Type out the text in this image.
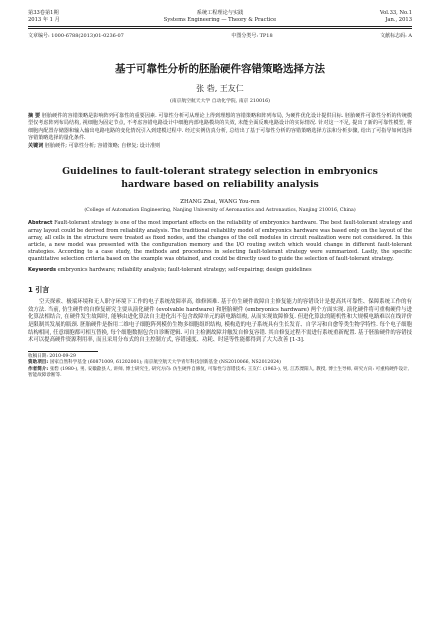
第33卷第1期
2013 年 1 月
系统工程理论与实践
Systems Engineering — Theory & Practice
Vol.33, No.1
Jan., 2013
文章编号: 1000-6788(2013)01-0236-07	中图分类号: TP18	文献标志码: A
基于可靠性分析的胚胎硬件容错策略选择方法
张 砦, 王友仁
(南京航空航天大学 自动化学院, 南京 210016)
摘 要 胚胎硬件的容错策略是影响阵列可靠性的重要因素. 可靠性分析可从理论上得到理想的容错策略和阵列布局, 为硬件优化设计提供目标. 胚胎硬件可靠性分析的传统模型仅考虑阵列布局结构, 视细胞为固定节点, 不考虑容错电路设计中细胞内部电路模块的失效, 未能全面反映电路设计的实际情况. 针对这一不足, 提出了新的可靠性模型, 将细胞内配置存储器和输入输出电路电路的变化情况引入到建模过程中. 经过实例仿真分析, 总结出了基于可靠性分析的容错策略选择方法和分析步骤, 给出了可指导如何选择容错策略选择的量化条件.
关键词 胚胎硬件; 可靠性分析; 容错策略; 自修复; 设计准则
Guidelines to fault-tolerant strategy selection in embryonics
hardware based on reliability analysis
ZHANG Zhai, WANG You-ren
(College of Automation Engineering, Nanjing University of Aeronautics and Astronautics, Nanjing 210016, China)
Abstract Fault-tolerant strategy is one of the most important effects on the reliability of embryonics hardware. The best fault-tolerant strategy and array layout could be derived from reliability analysis. The traditional reliability model of embryonics hardware was based only on the layout of the array, all cells in the structure were treated as fixed nodes, and the changes of the cell modules in circuit realization were not considered. In this article, a new model was presented with the configuration memory and the I/O routing switch which would change in different fault-tolerant strategies. According to a case study, the methods and procedures in selecting fault-tolerant strategy were summarized. Lastly, the specific quantitative selection criteria based on the example was obtained, and could be directly used to guide the selection of fault-tolerant strategy.
Keywords embryonics hardware; reliability analysis; fault-tolerant strategy; self-repairing; design guidelines
1 引言
空天探索、极端环境和无人职守环境下工作的电子系统故障率高, 维修困难. 基于仿生硬件故障自主修复能力的容错设计是提高其可靠性、保障系统工作的有效方法. 当前, 仿生硬件的自修复研究主要从演化硬件 (evolvable hardware) 和胚胎硬件 (embryonics hardware) 两个方面实现. 演化硬件将可重构硬件与进化算法相结合, 在硬件发生故障时, 能够由进化算法自主进化出不包含故障单元的新电路结构, 从而实现故障修复. 但进化算法的随机性和大规模电路难以在线评价是限制其发展的瓶颈. 胚胎硬件是指用二维电子细胞阵列模仿生物多细胞组织结构, 模构造的电子系统具有生长发育、自学习和自愈等类生物学特性. 每个电子细胞结构相同, 任意细胞都可相互替换, 每个细胞数据包含自诊断逻辑. 可自主检测故障并触发自修复容错. 其自修复过程不需进行系统重新配置. 基于胚胎硬件的容错技术可以提高硬件资源利用率, 而且采用分布式的自主控制方式, 容错速度、功耗、时延等性能都得到了大大改善 [1-3].
收稿日期: 2010-09-29
资助项目: 国家自然科学基金 (60871009, 61202001); 南京航空航天大学青年科技创新基金 (NS2010066, NS2012024)
作者简介: 张砦 (1980-), 男, 安徽歙县人, 讲师, 博士研究生, 研究方向: 仿生硬件自修复, 可靠性与容错技术; 王友仁 (1963-), 男, 江苏溧阳人, 教授, 博士生导师, 研究方向: 可重构硬件设计, 智能故障诊断等.
